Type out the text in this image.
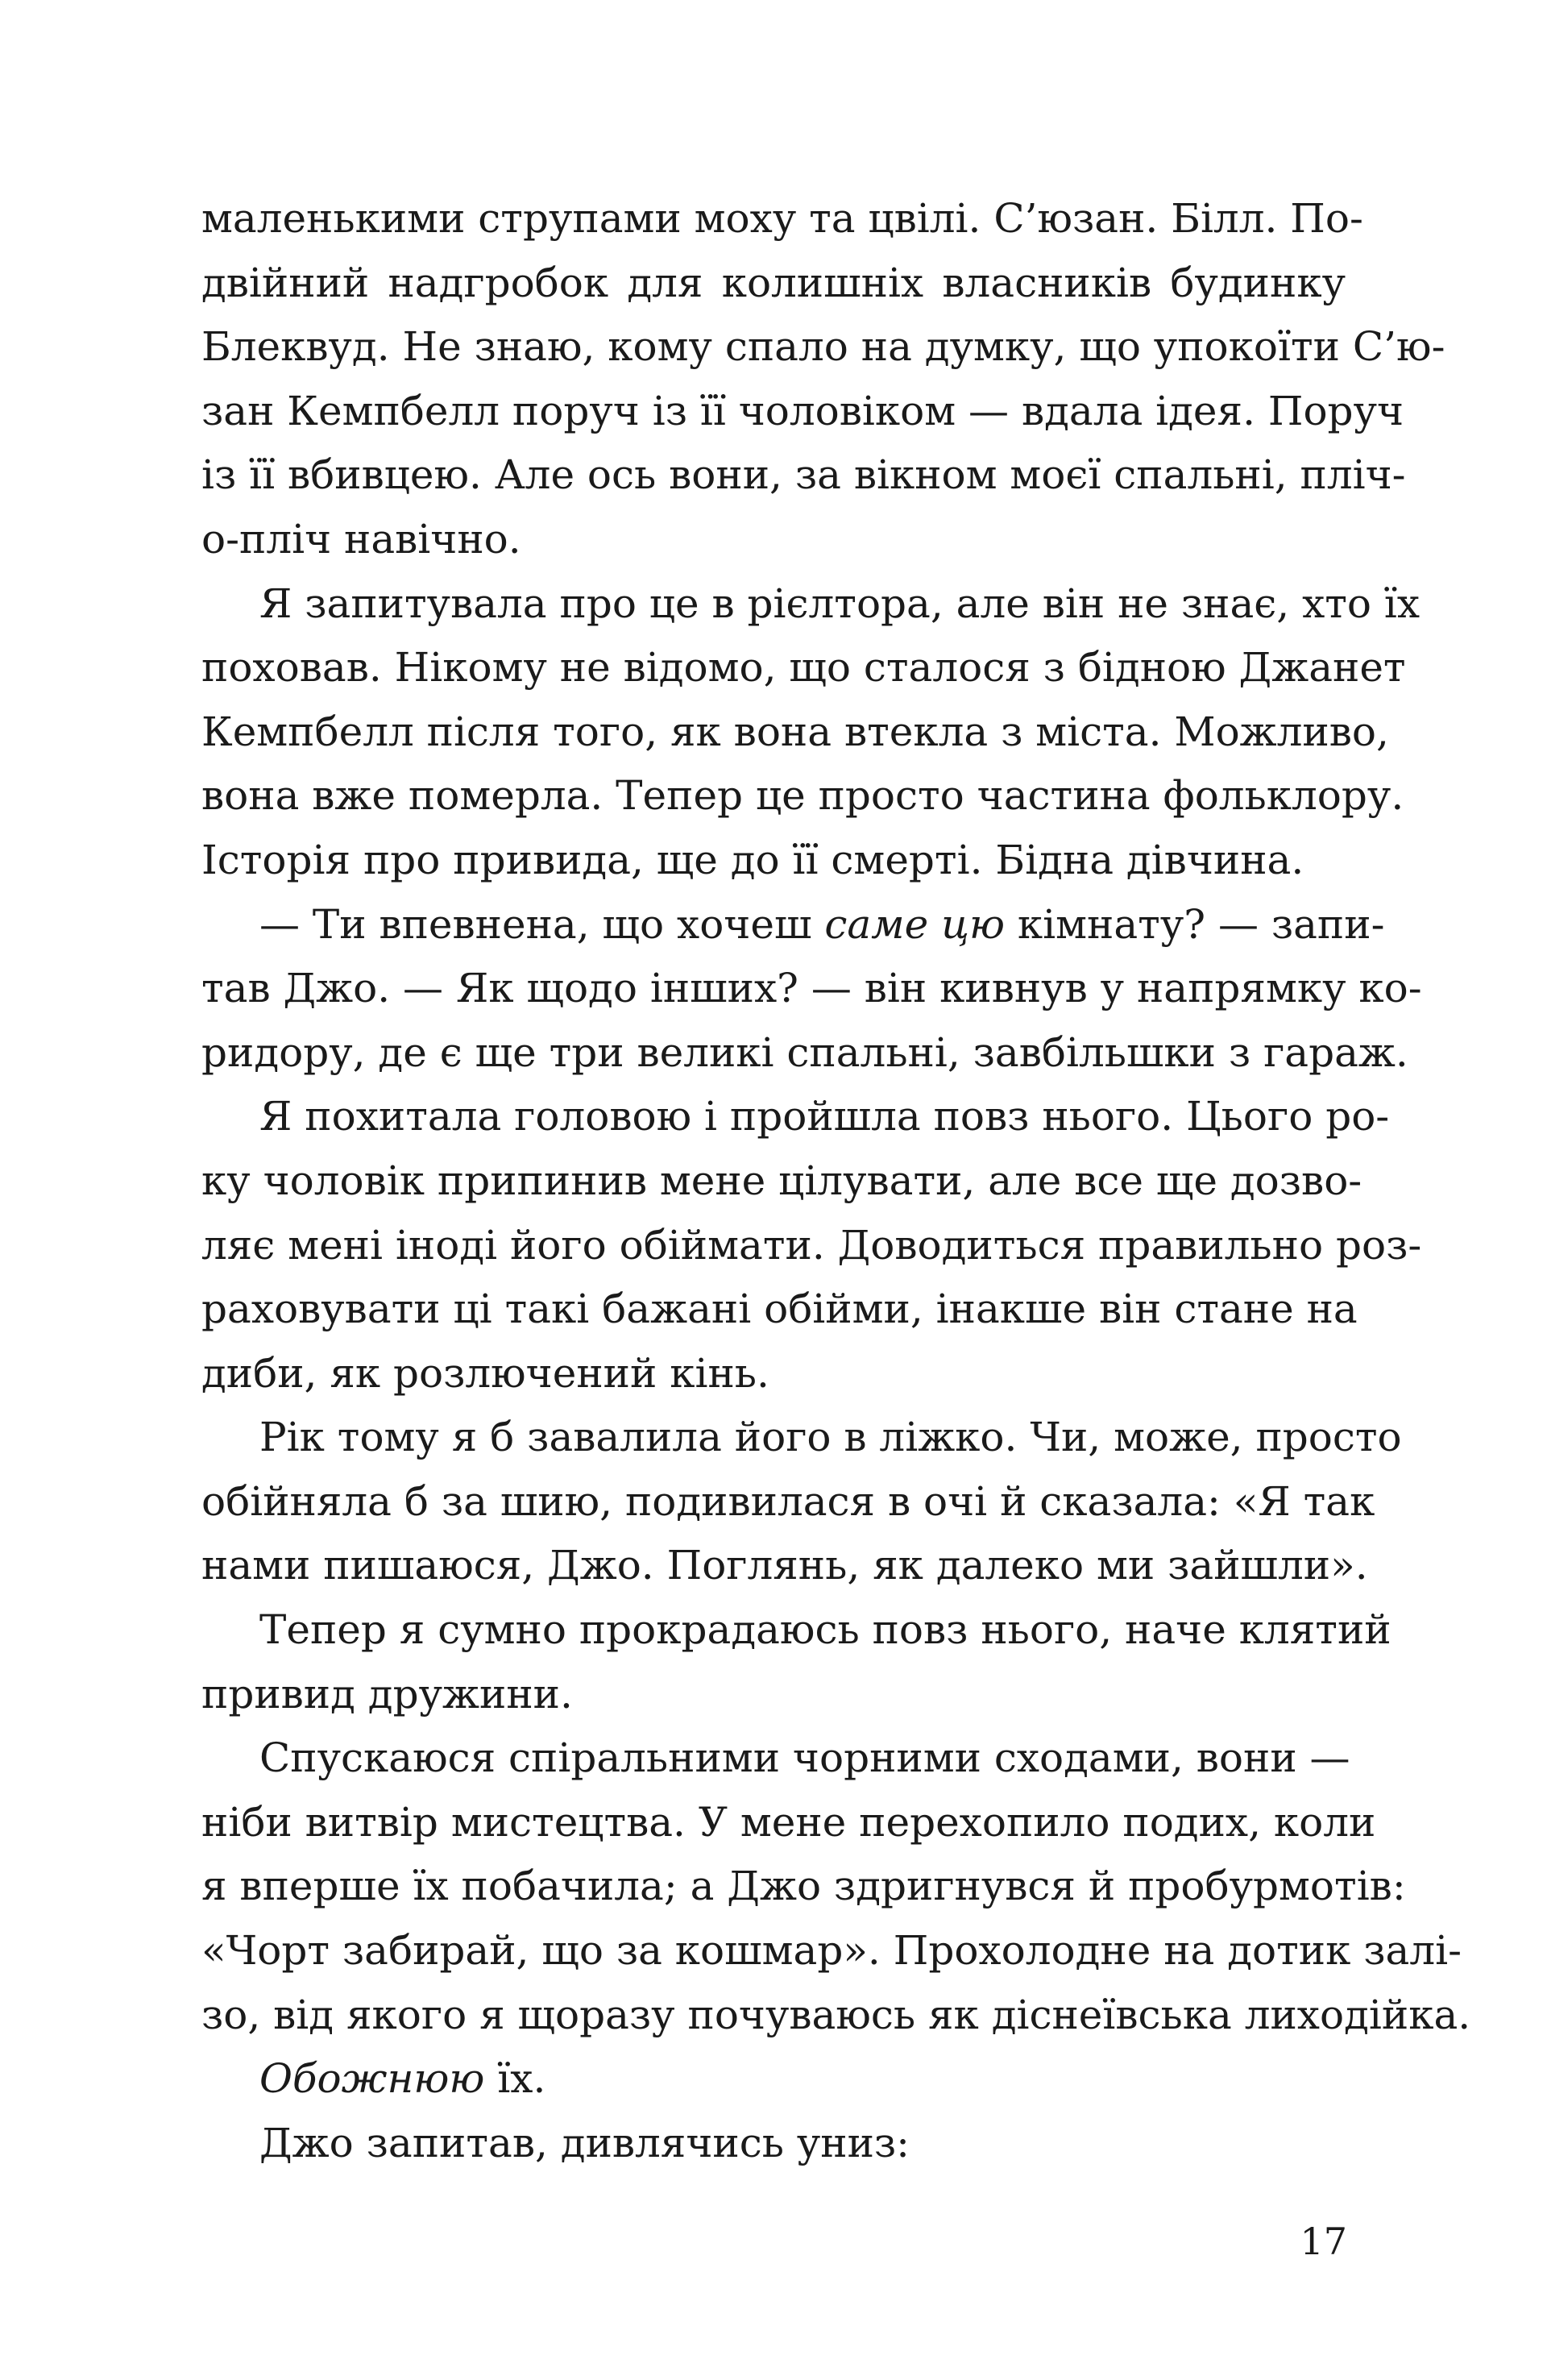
маленькими струпами моху та цвілі. С’юзан. Білл. По-
двійний надгробок для колишніх власників будинку
Блеквуд. Не знаю, кому спало на думку, що упокоїти С’ю-
зан Кемпбелл поруч із її чоловіком — вдала ідея. Поруч
із її вбивцею. Але ось вони, за вікном моєї спальні, пліч-
о-пліч навічно.
Я запитувала про це в рієлтора, але він не знає, хто їх
поховав. Нікому не відомо, що сталося з бідною Джанет
Кемпбелл після того, як вона втекла з міста. Можливо,
вона вже померла. Тепер це просто частина фольклору.
Історія про привида, ще до її смерті. Бідна дівчина.
— Ти впевнена, що хочеш саме цю кімнату? — запи-
тав Джо. — Як щодо інших? — він кивнув у напрямку ко-
ридору, де є ще три великі спальні, завбільшки з гараж.
Я похитала головою і пройшла повз нього. Цього ро-
ку чоловік припинив мене цілувати, але все ще дозво-
ляє мені іноді його обіймати. Доводиться правильно роз-
раховувати ці такі бажані обійми, інакше він стане на
диби, як розлючений кінь.
Рік тому я б завалила його в ліжко. Чи, може, просто
обійняла б за шию, подивилася в очі й сказала: «Я так
нами пишаюся, Джо. Поглянь, як далеко ми зайшли».
Тепер я сумно прокрадаюсь повз нього, наче клятий
привид дружини.
Спускаюся спіральними чорними сходами, вони —
ніби витвір мистецтва. У мене перехопило подих, коли
я вперше їх побачила; а Джо здригнувся й пробурмотів:
«Чорт забирай, що за кошмар». Прохолодне на дотик залі-
зо, від якого я щоразу почуваюсь як діснеївська лиходійка.
Обожнюю їх.
Джо запитав, дивлячись униз:
17
